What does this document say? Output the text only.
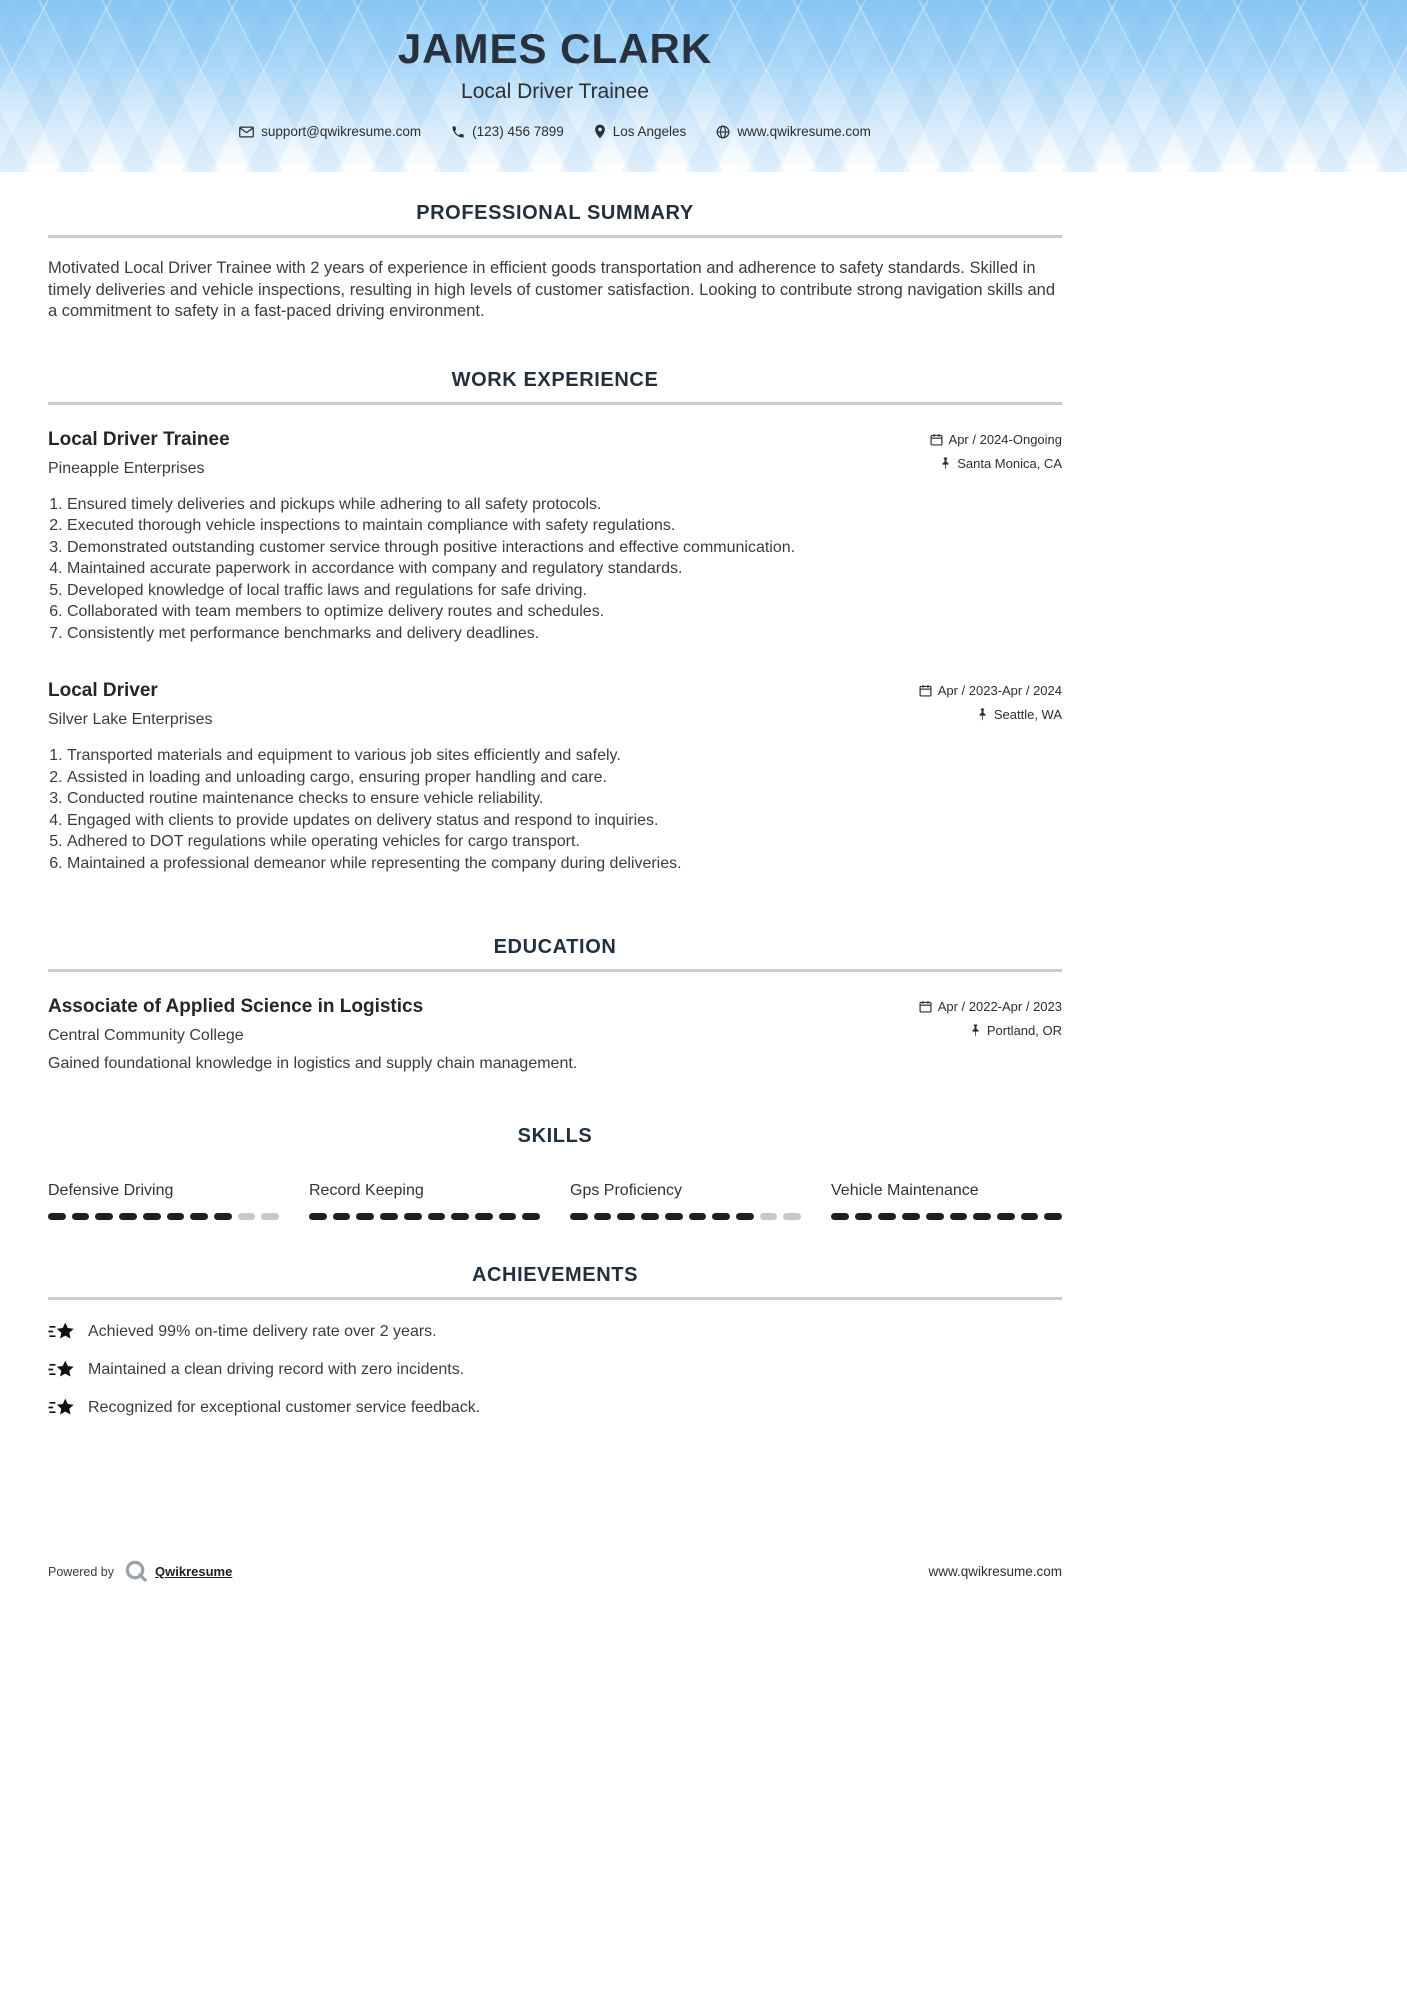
JAMES CLARK
Local Driver Trainee
support@qwikresume.com	(123) 456 7899	Los Angeles	www.qwikresume.com
PROFESSIONAL SUMMARY

Motivated Local Driver Trainee with 2 years of experience in efficient goods transportation and adherence to safety standards. Skilled in timely deliveries and vehicle inspections, resulting in high levels of customer satisfaction. Looking to contribute strong navigation skills and a commitment to safety in a fast-paced driving environment.

WORK EXPERIENCE
Local Driver Trainee
Pineapple Enterprises
Apr / 2024-Ongoing
Santa Monica, CA
1. Ensured timely deliveries and pickups while adhering to all safety protocols.
2. Executed thorough vehicle inspections to maintain compliance with safety regulations.
3. Demonstrated outstanding customer service through positive interactions and effective communication.
4. Maintained accurate paperwork in accordance with company and regulatory standards.
5. Developed knowledge of local traffic laws and regulations for safe driving.
6. Collaborated with team members to optimize delivery routes and schedules.
7. Consistently met performance benchmarks and delivery deadlines.
Local Driver
Silver Lake Enterprises
Apr / 2023-Apr / 2024
Seattle, WA
1. Transported materials and equipment to various job sites efficiently and safely.
2. Assisted in loading and unloading cargo, ensuring proper handling and care.
3. Conducted routine maintenance checks to ensure vehicle reliability.
4. Engaged with clients to provide updates on delivery status and respond to inquiries.
5. Adhered to DOT regulations while operating vehicles for cargo transport.
6. Maintained a professional demeanor while representing the company during deliveries.
EDUCATION
Associate of Applied Science in Logistics
Central Community College
Apr / 2022-Apr / 2023
Portland, OR
Gained foundational knowledge in logistics and supply chain management.
SKILLS
Defensive Driving	Record Keeping	Gps Proficiency	Vehicle Maintenance
ACHIEVEMENTS
Achieved 99% on-time delivery rate over 2 years.
Maintained a clean driving record with zero incidents.
Recognized for exceptional customer service feedback.
Powered by	Qwikresume	www.qwikresume.com
